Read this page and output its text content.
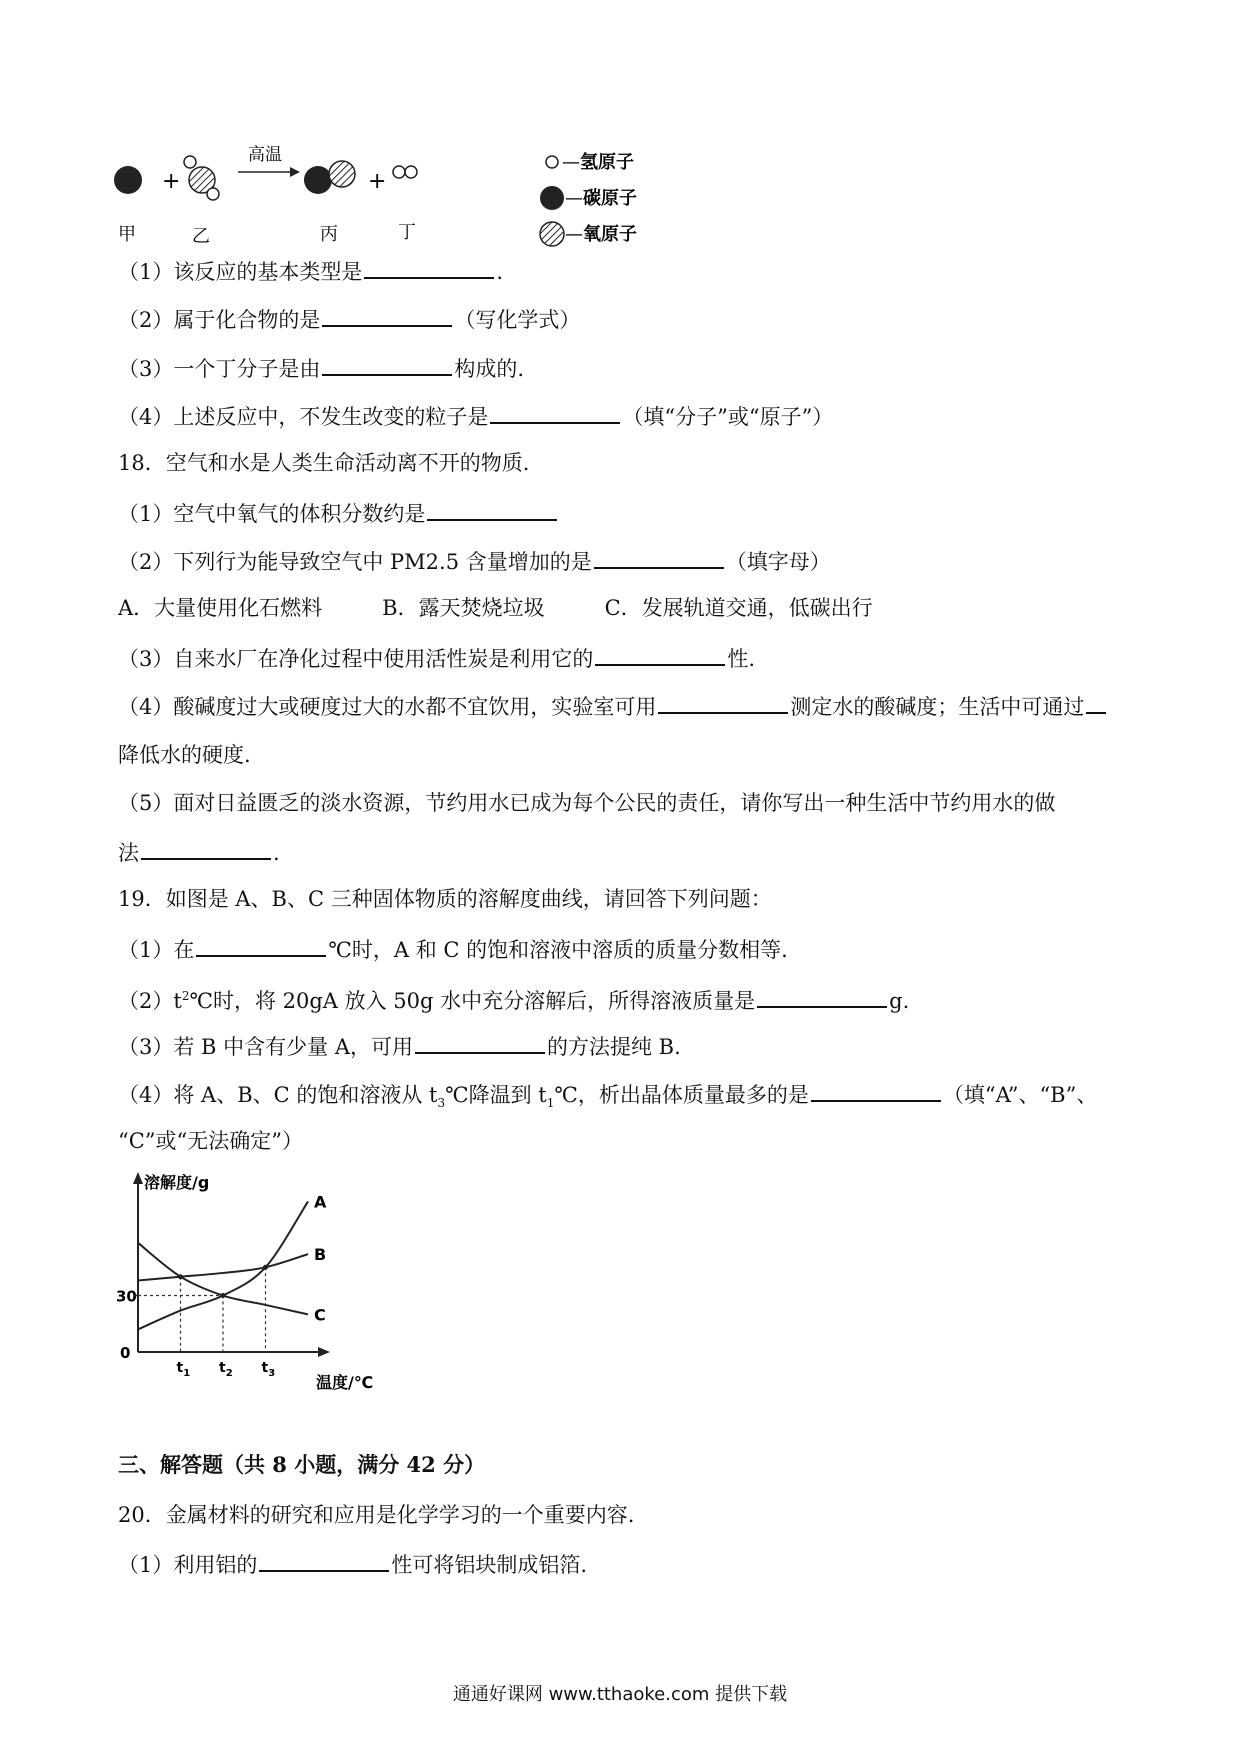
+
高温
+
甲	乙	丙	丁
— 氢原子
— 碳原子
— 氧原子
（1）该反应的基本类型是	.
（2）属于化合物的是	（写化学式）
（3）一个丁分子是由	构成的.
（4）上述反应中，不发生改变的粒子是	（填“分子”或“原子”）
18．空气和水是人类生命活动离不开的物质.
（1）空气中氧气的体积分数约是
（2）下列行为能导致空气中 PM2.5 含量增加的是	（填字母）
A．大量使用化石燃料	B．露天焚烧垃圾	C．发展轨道交通，低碳出行
（3）自来水厂在净化过程中使用活性炭是利用它的	性.
（4）酸碱度过大或硬度过大的水都不宜饮用，实验室可用	测定水的酸碱度；生活中可通过
降低水的硬度.
（5）面对日益匮乏的淡水资源，节约用水已成为每个公民的责任，请你写出一种生活中节约用水的做
法	.
19．如图是 A、B、C 三种固体物质的溶解度曲线，请回答下列问题：
（1）在	℃时，A 和 C 的饱和溶液中溶质的质量分数相等.
$(2)t^2℃$时，将 20gA 放入 50g 水中充分溶解后，所得溶液质量是	g.
（3）若 B 中含有少量 A，可用	的方法提纯 B.
（4）将 A、B、C 的饱和溶液从 $t_3℃$降温到 $t_1℃$，析出晶体质量最多的是	（填“A”、“B”、
“C”或“无法确定”）
溶解度/g
温度/℃
A
B
C
30
0
$t_1$ $t_2$ $t_3$
三、解答题（共 8 小题，满分 42 分）
20．金属材料的研究和应用是化学学习的一个重要内容.
（1）利用铝的	性可将铝块制成铝箔.
通通好课网 www.tthaoke.com 提供下载
